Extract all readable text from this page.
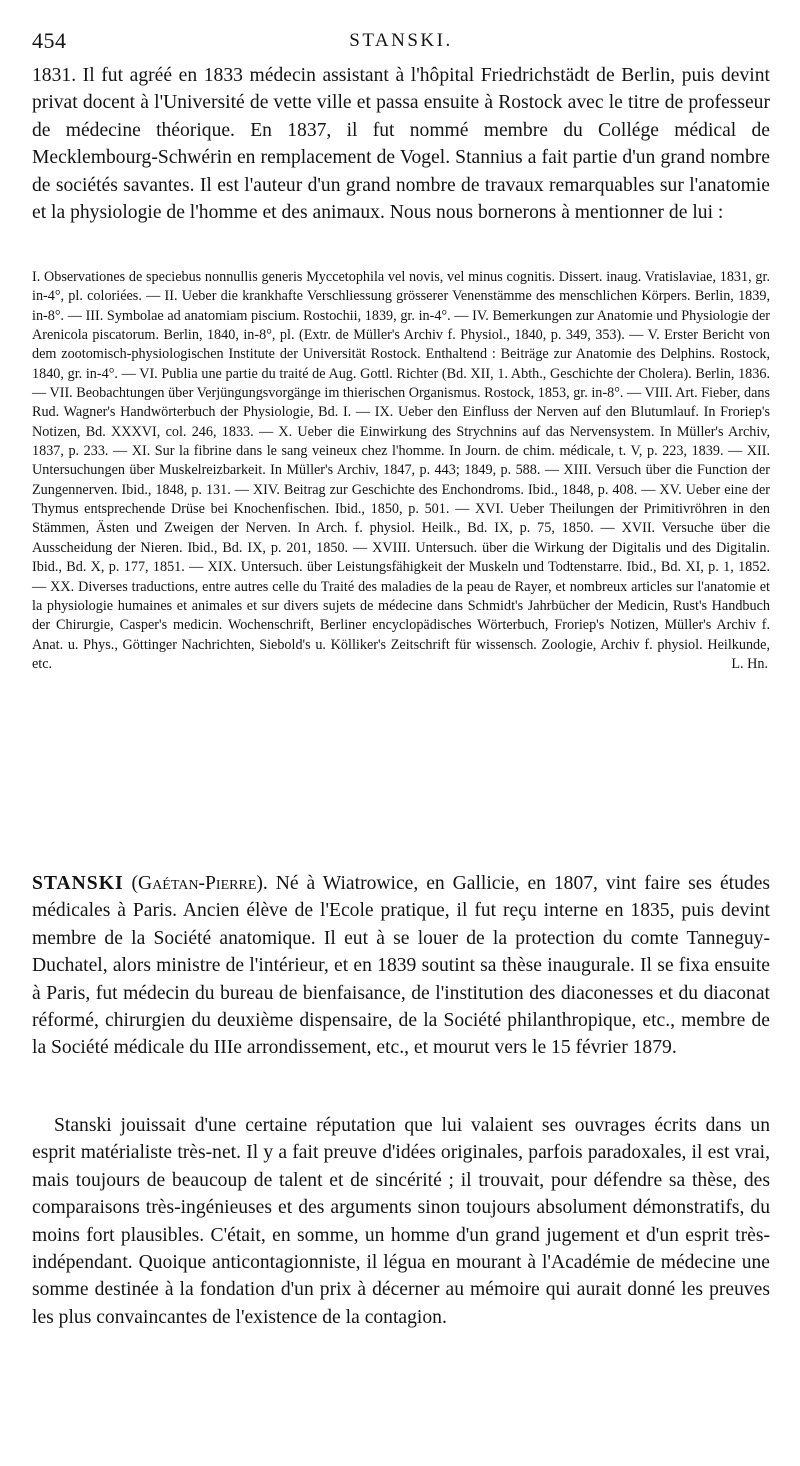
454	STANSKI.
1831. Il fut agréé en 1833 médecin assistant à l'hôpital Friedrichstädt de Berlin, puis devint privat docent à l'Université de vette ville et passa ensuite à Rostock avec le titre de professeur de médecine théorique. En 1837, il fut nommé membre du Collége médical de Mecklembourg-Schwérin en remplacement de Vogel. Stannius a fait partie d'un grand nombre de sociétés savantes. Il est l'auteur d'un grand nombre de travaux remarquables sur l'anatomie et la physiologie de l'homme et des animaux. Nous nous bornerons à mentionner de lui :
I. Observationes de speciebus nonnullis generis Myccetophila vel novis, vel minus cognitis. Dissert. inaug. Vratislaviae, 1831, gr. in-4°, pl. coloriées. — II. Ueber die krankhafte Verschliessung grösserer Venenstämme des menschlichen Körpers. Berlin, 1839, in-8°. — III. Symbolae ad anatomiam piscium. Rostochii, 1839, gr. in-4°. — IV. Bemerkungen zur Anatomie und Physiologie der Arenicola piscatorum. Berlin, 1840, in-8°, pl. (Extr. de Müller's Archiv f. Physiol., 1840, p. 349, 353). — V. Erster Bericht von dem zootomisch-physiologischen Institute der Universität Rostock. Enthaltend : Beiträge zur Anatomie des Delphins. Rostock, 1840, gr. in-4°. — VI. Publia une partie du traité de Aug. Gottl. Richter (Bd. XII, 1. Abth., Geschichte der Cholera). Berlin, 1836. — VII. Beobachtungen über Verjüngungsvorgänge im thierischen Organismus. Rostock, 1853, gr. in-8°. — VIII. Art. Fieber, dans Rud. Wagner's Handwörterbuch der Physiologie, Bd. I. — IX. Ueber den Einfluss der Nerven auf den Blutumlauf. In Froriep's Notizen, Bd. XXXVI, col. 246, 1833. — X. Ueber die Einwirkung des Strychnins auf das Nervensystem. In Müller's Archiv, 1837, p. 233. — XI. Sur la fibrine dans le sang veineux chez l'homme. In Journ. de chim. médicale, t. V, p. 223, 1839. — XII. Untersuchungen über Muskelreizbarkeit. In Müller's Archiv, 1847, p. 443; 1849, p. 588. — XIII. Versuch über die Function der Zungennerven. Ibid., 1848, p. 131. — XIV. Beitrag zur Geschichte des Enchondroms. Ibid., 1848, p. 408. — XV. Ueber eine der Thymus entsprechende Drüse bei Knochenfischen. Ibid., 1850, p. 501. — XVI. Ueber Theilungen der Primitivröhren in den Stämmen, Ästen und Zweigen der Nerven. In Arch. f. physiol. Heilk., Bd. IX, p. 75, 1850. — XVII. Versuche über die Ausscheidung der Nieren. Ibid., Bd. IX, p. 201, 1850. — XVIII. Untersuch. über die Wirkung der Digitalis und des Digitalin. Ibid., Bd. X, p. 177, 1851. — XIX. Untersuch. über Leistungsfähigkeit der Muskeln und Todtenstarre. Ibid., Bd. XI, p. 1, 1852. — XX. Diverses traductions, entre autres celle du Traité des maladies de la peau de Rayer, et nombreux articles sur l'anatomie et la physiologie humaines et animales et sur divers sujets de médecine dans Schmidt's Jahrbücher der Medicin, Rust's Handbuch der Chirurgie, Casper's medicin. Wochenschrift, Berliner encyclopädisches Wörterbuch, Froriep's Notizen, Müller's Archiv f. Anat. u. Phys., Göttinger Nachrichten, Siebold's u. Kölliker's Zeitschrift für wissensch. Zoologie, Archiv f. physiol. Heilkunde, etc.	L. Hn.
STANSKI (Gaétan-Pierre). Né à Wiatrowice, en Gallicie, en 1807, vint faire ses études médicales à Paris. Ancien élève de l'Ecole pratique, il fut reçu interne en 1835, puis devint membre de la Société anatomique. Il eut à se louer de la protection du comte Tanneguy-Duchatel, alors ministre de l'intérieur, et en 1839 soutint sa thèse inaugurale. Il se fixa ensuite à Paris, fut médecin du bureau de bienfaisance, de l'institution des diaconesses et du diaconat réformé, chirurgien du deuxième dispensaire, de la Société philanthropique, etc., membre de la Société médicale du IIIe arrondissement, etc., et mourut vers le 15 février 1879.
Stanski jouissait d'une certaine réputation que lui valaient ses ouvrages écrits dans un esprit matérialiste très-net. Il y a fait preuve d'idées originales, parfois paradoxales, il est vrai, mais toujours de beaucoup de talent et de sincérité ; il trouvait, pour défendre sa thèse, des comparaisons très-ingénieuses et des arguments sinon toujours absolument démonstratifs, du moins fort plausibles. C'était, en somme, un homme d'un grand jugement et d'un esprit très-indépendant. Quoique anticontagionniste, il légua en mourant à l'Académie de médecine une somme destinée à la fondation d'un prix à décerner au mémoire qui aurait donné les preuves les plus convaincantes de l'existence de la contagion.
